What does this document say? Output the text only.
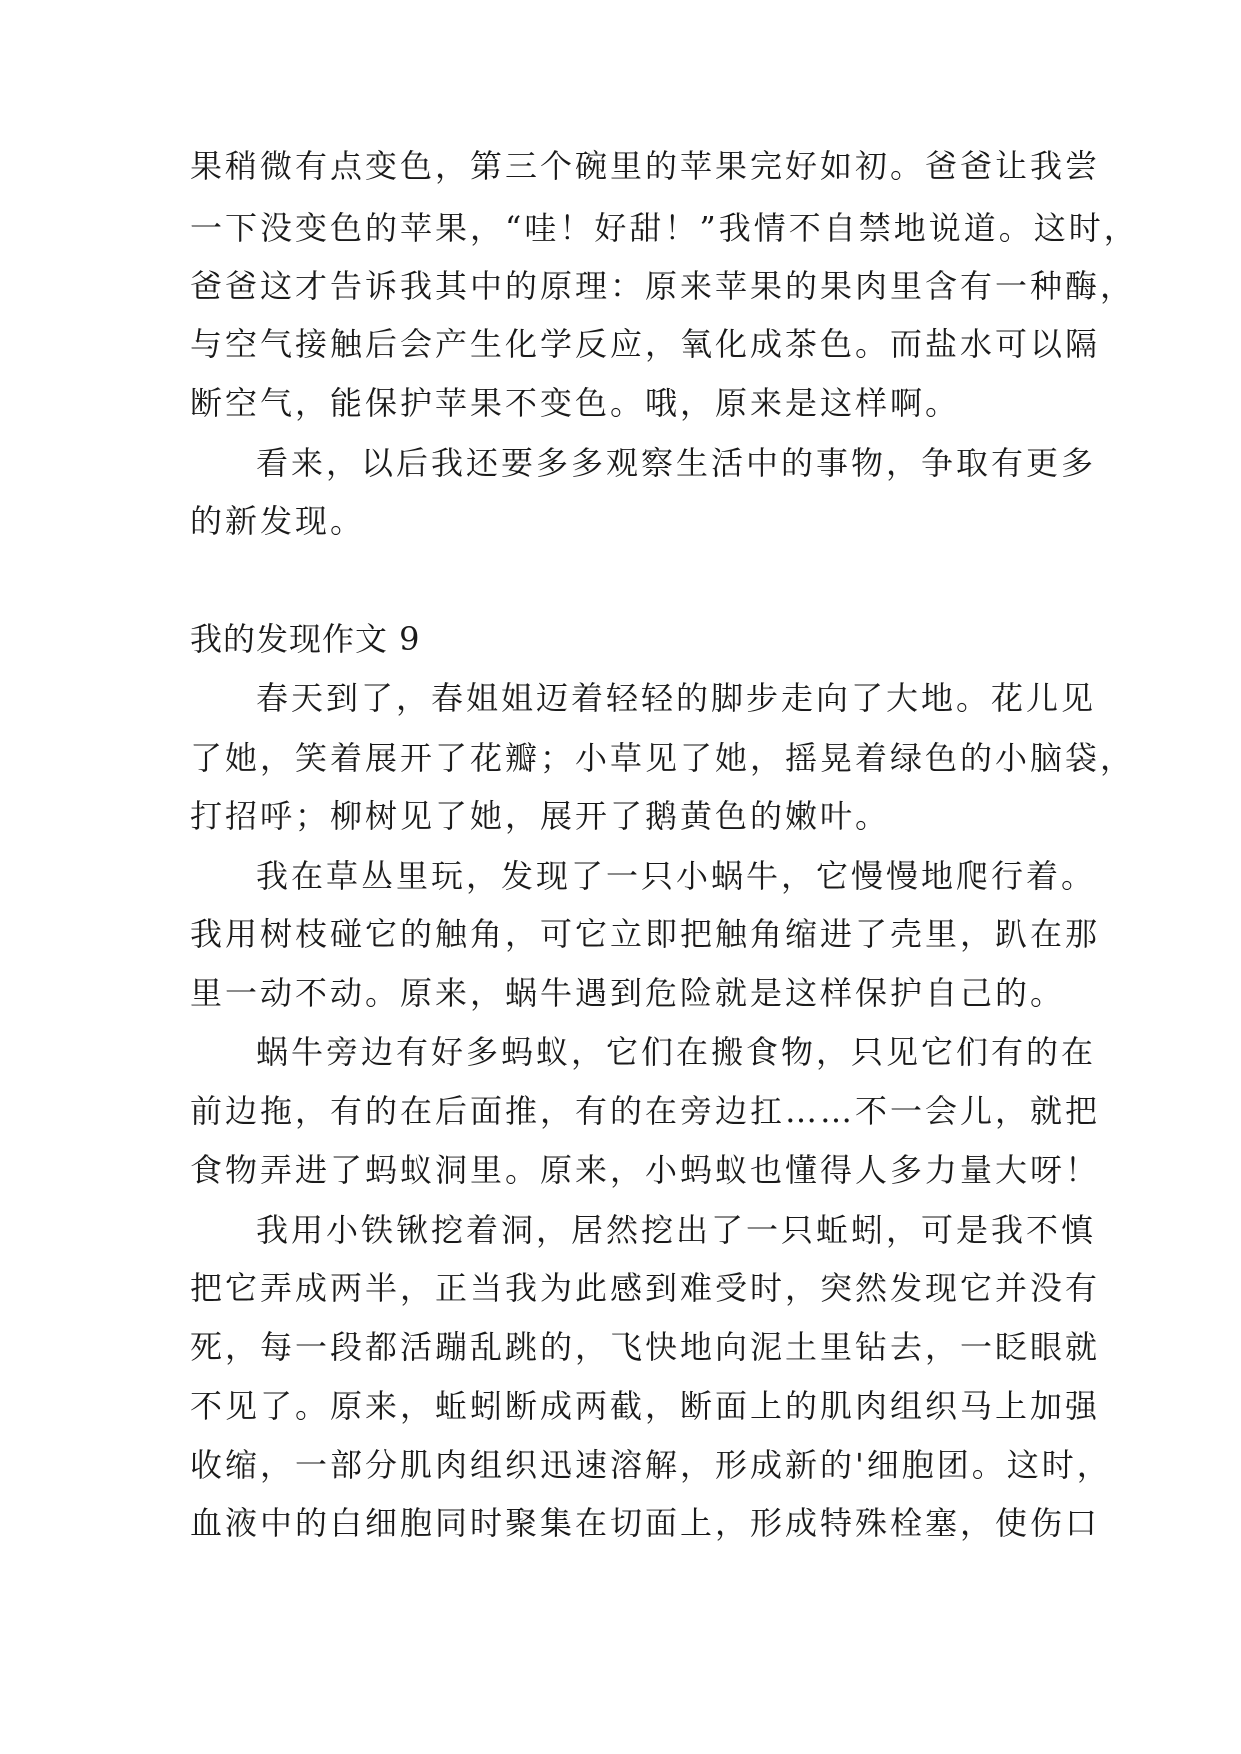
果稍微有点变色，第三个碗里的苹果完好如初。爸爸让我尝
一下没变色的苹果，“哇！好甜！”我情不自禁地说道。这时，
爸爸这才告诉我其中的原理：原来苹果的果肉里含有一种酶，
与空气接触后会产生化学反应，氧化成茶色。而盐水可以隔
断空气，能保护苹果不变色。哦，原来是这样啊。
看来，以后我还要多多观察生活中的事物，争取有更多
的新发现。
我的发现作文 9
春天到了，春姐姐迈着轻轻的脚步走向了大地。花儿见
了她，笑着展开了花瓣；小草见了她，摇晃着绿色的小脑袋，
打招呼；柳树见了她，展开了鹅黄色的嫩叶。
我在草丛里玩，发现了一只小蜗牛，它慢慢地爬行着。
我用树枝碰它的触角，可它立即把触角缩进了壳里，趴在那
里一动不动。原来，蜗牛遇到危险就是这样保护自己的。
蜗牛旁边有好多蚂蚁，它们在搬食物，只见它们有的在
前边拖，有的在后面推，有的在旁边扛……不一会儿，就把
食物弄进了蚂蚁洞里。原来，小蚂蚁也懂得人多力量大呀！
我用小铁锹挖着洞，居然挖出了一只蚯蚓，可是我不慎
把它弄成两半，正当我为此感到难受时，突然发现它并没有
死，每一段都活蹦乱跳的，飞快地向泥土里钻去，一眨眼就
不见了。原来，蚯蚓断成两截，断面上的肌肉组织马上加强
收缩，一部分肌肉组织迅速溶解，形成新的'细胞团。这时，
血液中的白细胞同时聚集在切面上，形成特殊栓塞，使伤口
